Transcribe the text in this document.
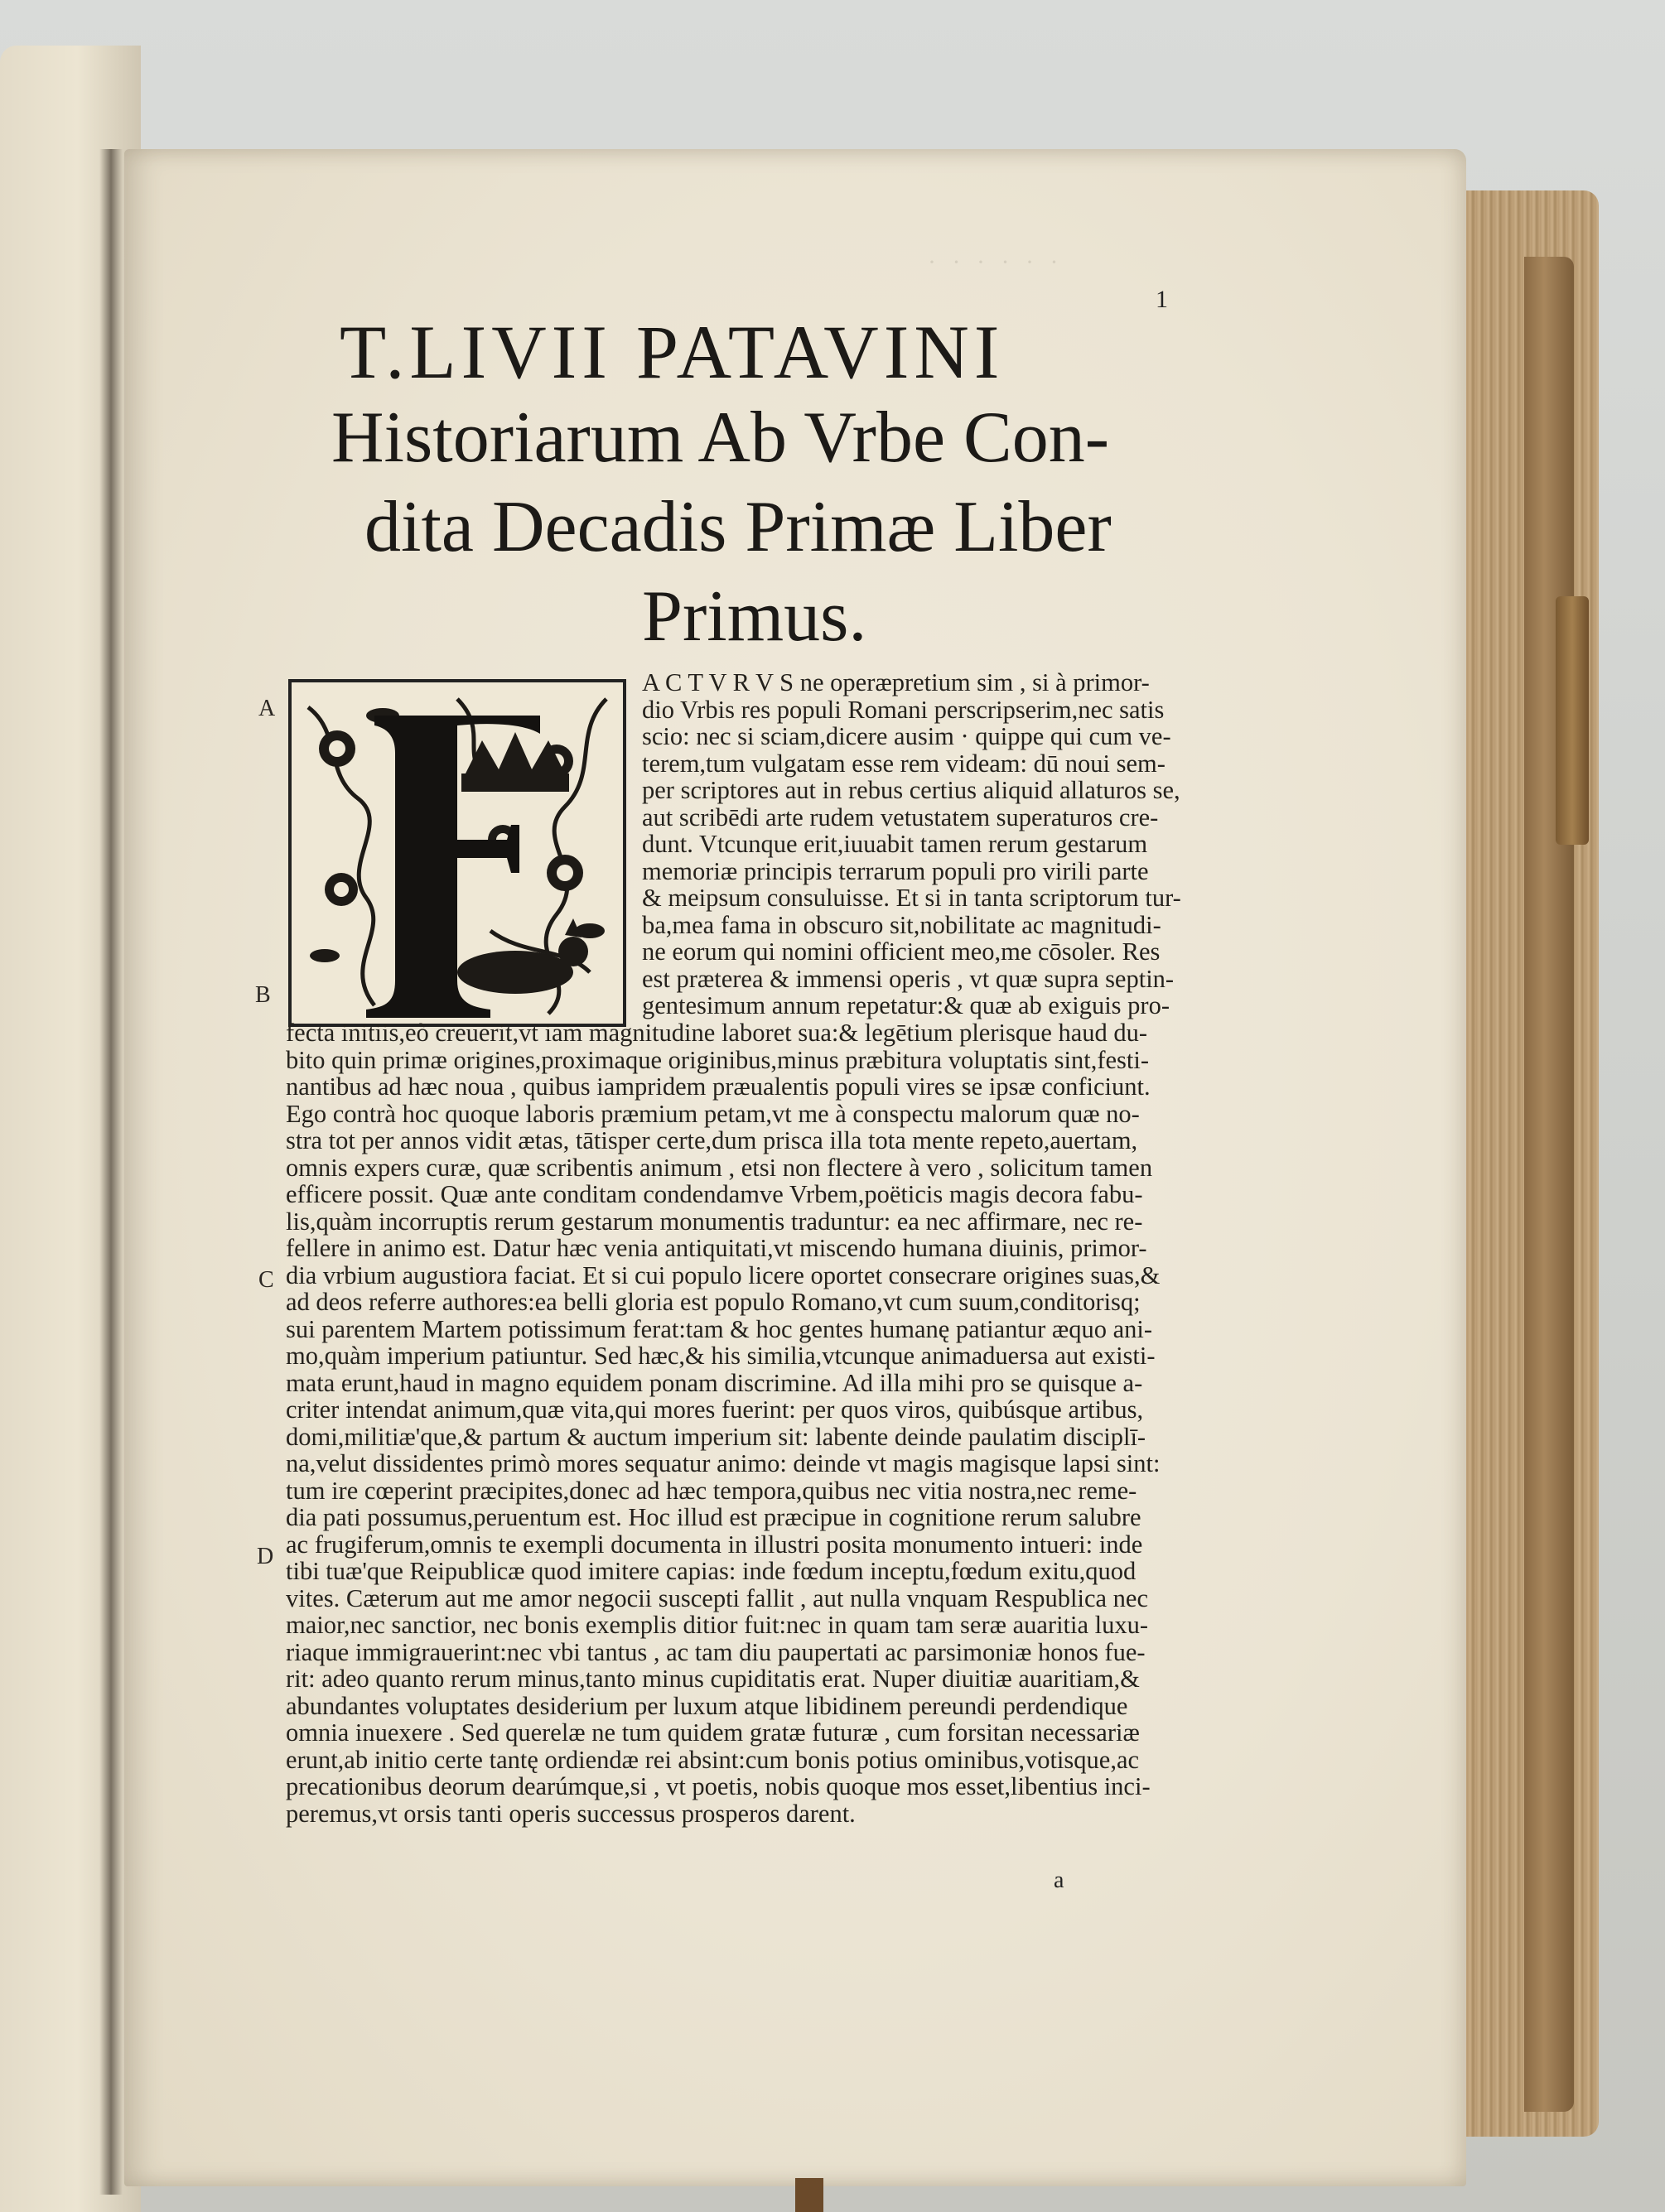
· · · · · ·
1
T.LIVII PATAVINI
Historiarum Ab Vrbe Con-
dita Decadis Primæ Liber
Primus.
A
B
C
D
A C T V R V S ne operæpretium sim , si à primor-
dio Vrbis res populi Romani perscripserim,nec satis
scio: nec si sciam,dicere ausim · quippe qui cum ve-
terem,tum vulgatam esse rem videam: dū noui sem-
per scriptores aut in rebus certius aliquid allaturos se,
aut scribēdi arte rudem vetustatem superaturos cre-
dunt. Vtcunque erit,iuuabit tamen rerum gestarum
memoriæ principis terrarum populi pro virili parte
& meipsum consuluisse. Et si in tanta scriptorum tur-
ba,mea fama in obscuro sit,nobilitate ac magnitudi-
ne eorum qui nomini officient meo,me cōsoler. Res
est præterea & immensi operis , vt quæ supra septin-
gentesimum annum repetatur:& quæ ab exiguis pro-
fecta initiis,eò creuerit,vt iam magnitudine laboret sua:& legētium plerisque haud du-
bito quin primæ origines,proximaque originibus,minus præbitura voluptatis sint,festi-
nantibus ad hæc noua , quibus iampridem præualentis populi vires se ipsæ conficiunt.
Ego contrà hoc quoque laboris præmium petam,vt me à conspectu malorum quæ no-
stra tot per annos vidit ætas, tātisper certe,dum prisca illa tota mente repeto,auertam,
omnis expers curæ, quæ scribentis animum , etsi non flectere à vero , solicitum tamen
efficere possit. Quæ ante conditam condendamve Vrbem,poëticis magis decora fabu-
lis,quàm incorruptis rerum gestarum monumentis traduntur: ea nec affirmare, nec re-
fellere in animo est. Datur hæc venia antiquitati,vt miscendo humana diuinis, primor-
dia vrbium augustiora faciat. Et si cui populo licere oportet consecrare origines suas,&
ad deos referre authores:ea belli gloria est populo Romano,vt cum suum,conditorisq;
sui parentem Martem potissimum ferat:tam & hoc gentes humanę patiantur æquo ani-
mo,quàm imperium patiuntur. Sed hæc,& his similia,vtcunque animaduersa aut existi-
mata erunt,haud in magno equidem ponam discrimine. Ad illa mihi pro se quisque a-
criter intendat animum,quæ vita,qui mores fuerint: per quos viros, quibúsque artibus,
domi,militiæ'que,& partum & auctum imperium sit: labente deinde paulatim disciplī-
na,velut dissidentes primò mores sequatur animo: deinde vt magis magisque lapsi sint:
tum ire cœperint præcipites,donec ad hæc tempora,quibus nec vitia nostra,nec reme-
dia pati possumus,peruentum est. Hoc illud est præcipue in cognitione rerum salubre
ac frugiferum,omnis te exempli documenta in illustri posita monumento intueri: inde
tibi tuæ'que Reipublicæ quod imitere capias: inde fœdum inceptu,fœdum exitu,quod
vites. Cæterum aut me amor negocii suscepti fallit , aut nulla vnquam Respublica nec
maior,nec sanctior, nec bonis exemplis ditior fuit:nec in quam tam seræ auaritia luxu-
riaque immigrauerint:nec vbi tantus , ac tam diu paupertati ac parsimoniæ honos fue-
rit: adeo quanto rerum minus,tanto minus cupiditatis erat. Nuper diuitiæ auaritiam,&
abundantes voluptates desiderium per luxum atque libidinem pereundi perdendique
omnia inuexere . Sed querelæ ne tum quidem gratæ futuræ , cum forsitan necessariæ
erunt,ab initio certe tantę ordiendæ rei absint:cum bonis potius ominibus,votisque,ac
precationibus deorum dearúmque,si , vt poetis, nobis quoque mos esset,libentius inci-
peremus,vt orsis tanti operis successus prosperos darent.
a
